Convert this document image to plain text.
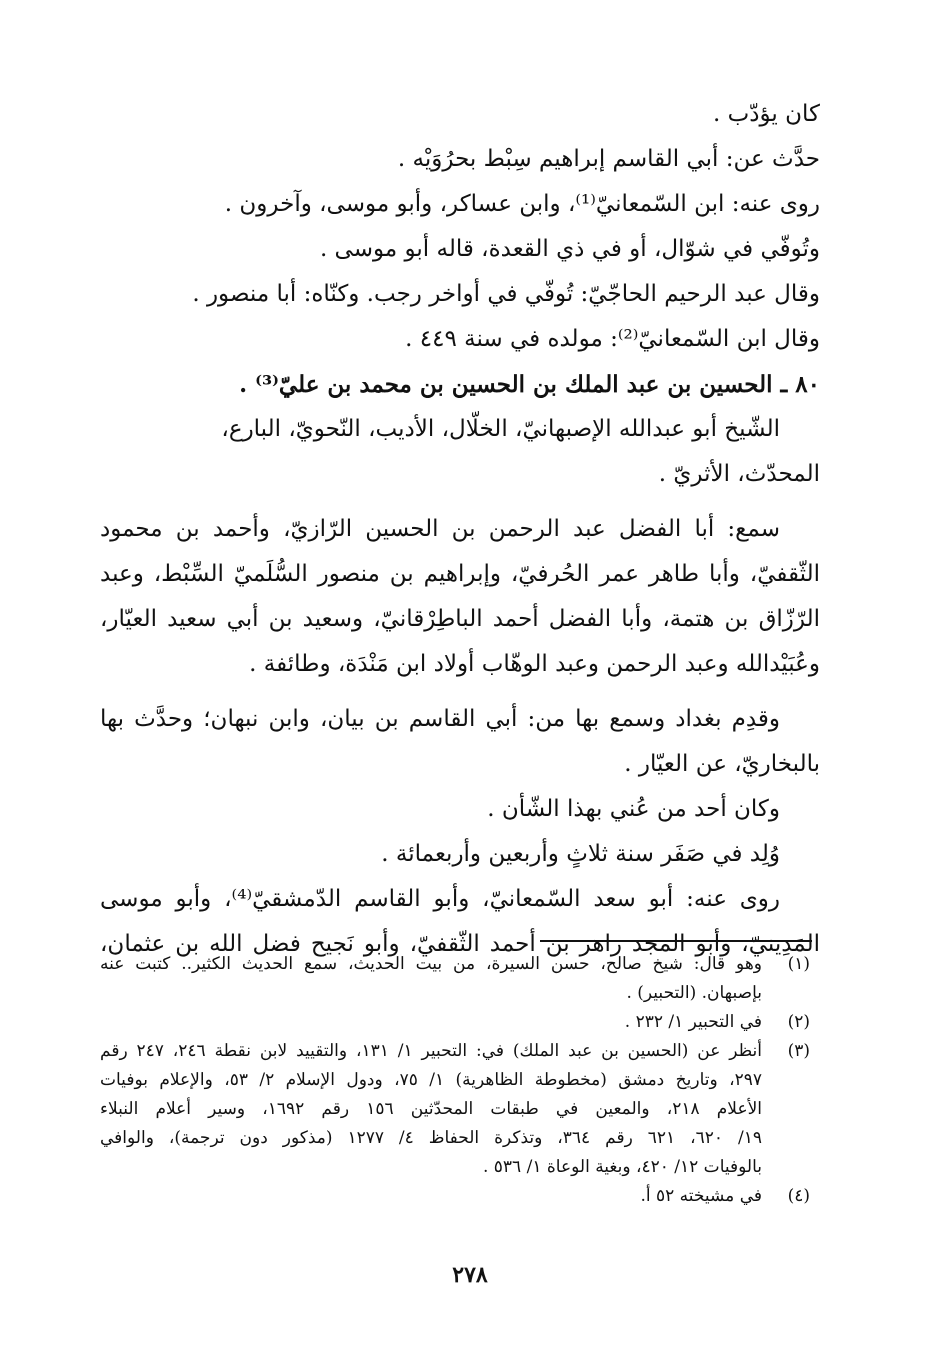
كان يؤدّب .

حدَّث عن: أبي القاسم إبراهيم سِبْط بحرُوَيْه .

روى عنه: ابن السّمعانيّ⁽¹⁾، وابن عساكر، وأبو موسى، وآخرون .

وتُوفّي في شوّال، أو في ذي القعدة، قاله أبو موسى .

وقال عبد الرحيم الحاجّيّ: تُوفّي في أواخر رجب. وكنّاه: أبا منصور .

وقال ابن السّمعانيّ⁽²⁾: مولده في سنة ٤٤٩ .

٨٠ ـ الحسين بن عبد الملك بن الحسين بن محمد بن عليّ⁽³⁾ .

الشّيخ أبو عبدالله الإصبهانيّ، الخلّال، الأديب، النّحويّ، البارع،

المحدّث، الأثريّ .

سمع: أبا الفضل عبد الرحمن بن الحسين الرّازيّ، وأحمد بن محمود

الثّقفيّ، وأبا طاهر عمر الحُرفيّ، وإبراهيم بن منصور السُّلَميّ السِّبْط، وعبد

الرّزّاق بن هتمة، وأبا الفضل أحمد الباطِرْقانيّ، وسعيد بن أبي سعيد العيّار،

وعُبَيْدالله وعبد الرحمن وعبد الوهّاب أولاد ابن مَنْدَة، وطائفة .

وقدِم بغداد وسمع بها من: أبي القاسم بن بيان، وابن نبهان؛ وحدَّث بها

بالبخاريّ، عن العيّار .

وكان أحد من عُني بهذا الشّأن .

وُلِد في صَفَر سنة ثلاثٍ وأربعين وأربعمائة .

روى عنه: أبو سعد السّمعانيّ، وأبو القاسم الدّمشقيّ⁽⁴⁾، وأبو موسى

المَدِينيّ، وأبو المجد زاهر بن أحمد الثّقفيّ، وأبو نَجيح فضل الله بن عثمان،

(١)
وهو قال: شيخ صالح، حسن السيرة، من بيت الحديث، سمع الحديث الكثير.. كتبت عنه
بإصبهان. (التحبير) .
(٢)
في التحبير ١/ ٢٣٢ .
(٣)
أنظر عن (الحسين بن عبد الملك) في: التحبير ١/ ١٣١، والتقييد لابن نقطة ٢٤٦، ٢٤٧ رقم
٢٩٧، وتاريخ دمشق (مخطوطة الظاهرية) ١/ ٧٥، ودول الإسلام ٢/ ٥٣، والإعلام بوفيات
الأعلام ٢١٨، والمعين في طبقات المحدّثين ١٥٦ رقم ١٦٩٢، وسير أعلام النبلاء
١٩/ ٦٢٠، ٦٢١ رقم ٣٦٤، وتذكرة الحفاظ ٤/ ١٢٧٧ (مذكور دون ترجمة)، والوافي
بالوفيات ١٢/ ٤٢٠، وبغية الوعاة ١/ ٥٣٦ .
(٤)
في مشيخته ٥٢ أ.
٢٧٨
